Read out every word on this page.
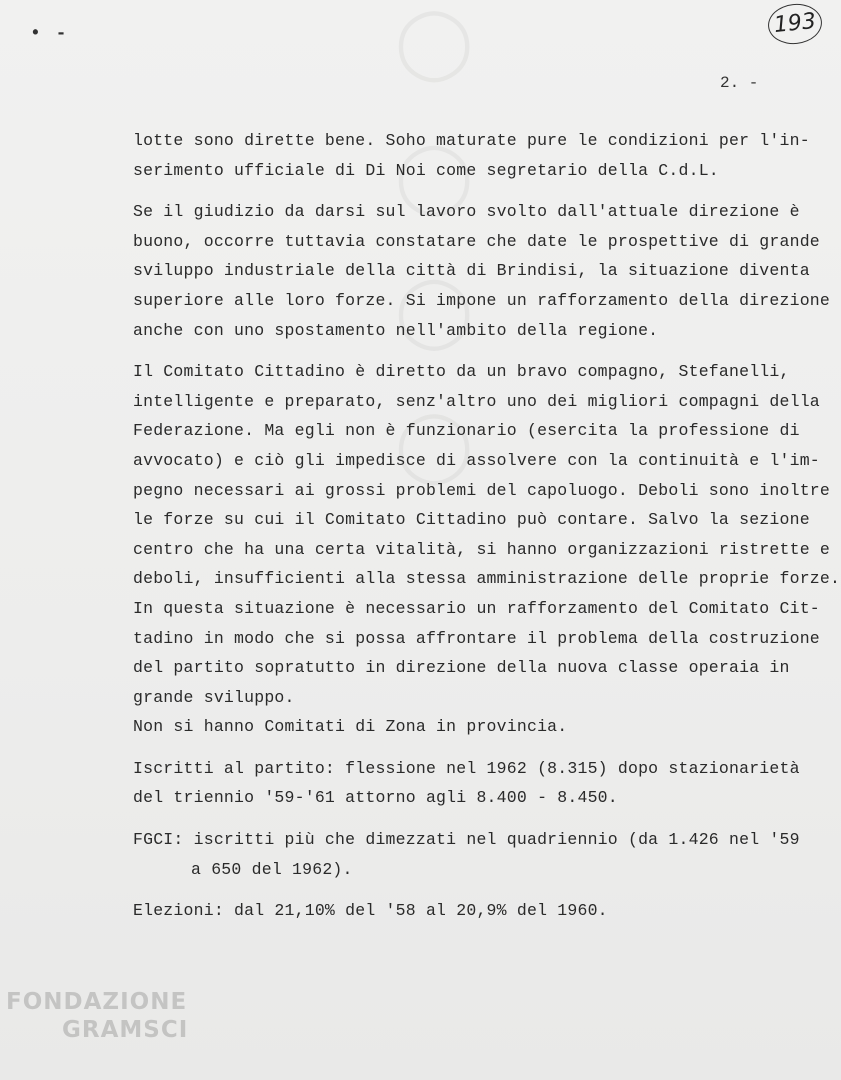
• -	193
2. -
lotte sono dirette bene. Soho maturate pure le condizioni per l'in-
serimento ufficiale di Di Noi come segretario della C.d.L.
Se il giudizio da darsi sul lavoro svolto dall'attuale direzione è
buono, occorre tuttavia constatare che date le prospettive di grande
sviluppo industriale della città di Brindisi, la situazione diventa
superiore alle loro forze. Si impone un rafforzamento della direzione
anche con uno spostamento nell'ambito della regione.
Il Comitato Cittadino è diretto da un bravo compagno, Stefanelli,
intelligente e preparato, senz'altro uno dei migliori compagni della
Federazione. Ma egli non è funzionario (esercita la professione di
avvocato) e ciò gli impedisce di assolvere con la continuità e l'im-
pegno necessari ai grossi problemi del capoluogo. Deboli sono inoltre
le forze su cui il Comitato Cittadino può contare. Salvo la sezione
centro che ha una certa vitalità, si hanno organizzazioni ristrette e
deboli, insufficienti alla stessa amministrazione delle proprie forze.
In questa situazione è necessario un rafforzamento del Comitato Cit-
tadino in modo che si possa affrontare il problema della costruzione
del partito sopratutto in direzione della nuova classe operaia in
grande sviluppo.
Non si hanno Comitati di Zona in provincia.
Iscritti al partito: flessione nel 1962 (8.315) dopo stazionarietà
del triennio '59-'61 attorno agli 8.400 - 8.450.
FGCI: iscritti più che dimezzati nel quadriennio (da 1.426 nel '59
a 650 del 1962).
Elezioni: dal 21,10% del '58 al 20,9% del 1960.
FONDAZIONE
GRAMSCI
